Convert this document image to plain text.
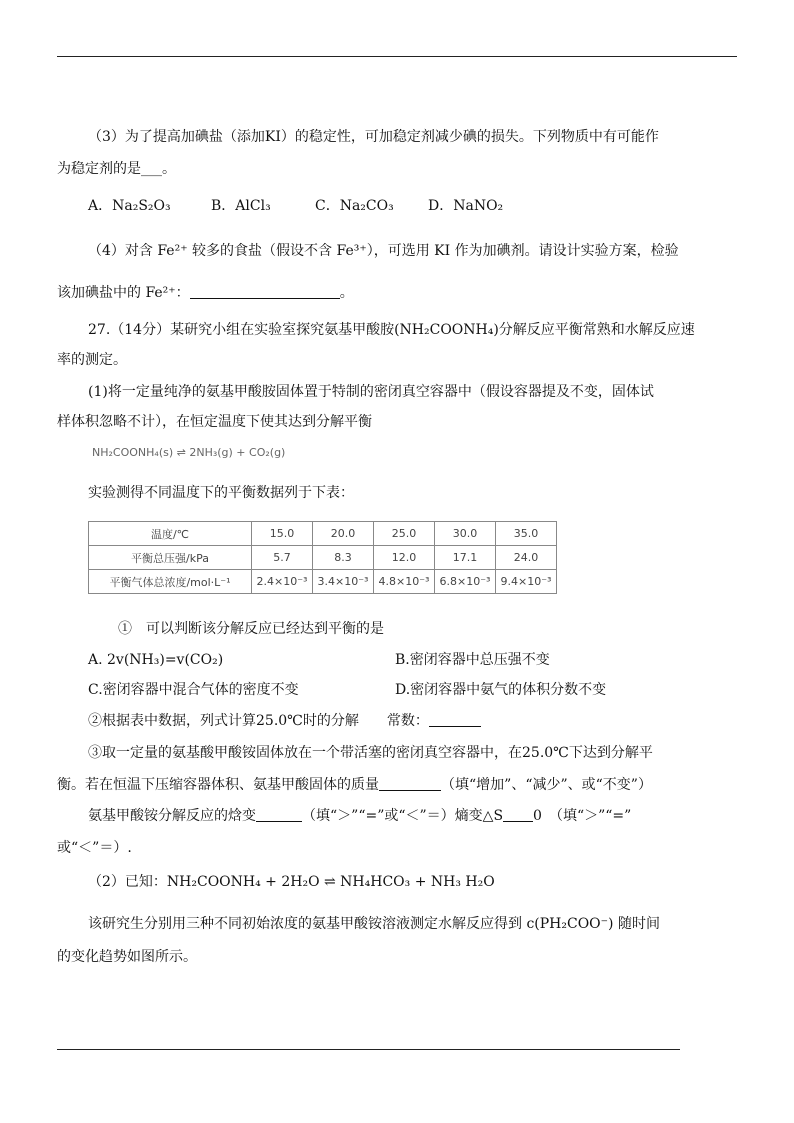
（3）为了提高加碘盐（添加KI）的稳定性，可加稳定剂减少碘的损失。下列物质中有可能作
为稳定剂的是___。
A．Na₂S₂O₃	B．AlCl₃	C．Na₂CO₃ D．NaNO₂
（4）对含 Fe²⁺ 较多的食盐（假设不含 Fe³⁺），可选用 KI 作为加碘剂。请设计实验方案，检验
该加碘盐中的 Fe²⁺：	。
27.（14分）某研究小组在实验室探究氨基甲酸胺(NH₂COONH₄)分解反应平衡常熟和水解反应速
率的测定。
(1)将一定量纯净的氨基甲酸胺固体置于特制的密闭真空容器中（假设容器提及不变，固体试
样体积忽略不计），在恒定温度下使其达到分解平衡
NH₂COONH₄(s) ⇌ 2NH₃(g) + CO₂(g)
实验测得不同温度下的平衡数据列于下表：
温度/℃	15.0	20.0	25.0	30.0	35.0
平衡总压强/kPa	5.7	8.3	12.0	17.1	24.0
平衡气体总浓度/mol·L⁻¹	2.4×10⁻³	3.4×10⁻³	4.8×10⁻³	6.8×10⁻³	9.4×10⁻³
①　可以判断该分解反应已经达到平衡的是
A. 2v(NH₃)=v(CO₂)	B.密闭容器中总压强不变
C.密闭容器中混合气体的密度不变	D.密闭容器中氨气的体积分数不变
②根据表中数据，列式计算25.0℃时的分解　　常数：
③取一定量的氨基酸甲酸铵固体放在一个带活塞的密闭真空容器中，在25.0℃下达到分解平
衡。若在恒温下压缩容器体积、氨基甲酸固体的质量	（填“增加”、“减少”、或“不变”）
氨基甲酸铵分解反应的焓变	（填“＞”“=”或“＜”＝）熵变△S 0　（填“＞”“=”
或“＜”＝）.
（2）已知：NH₂COONH₄ + 2H₂O ⇌ NH₄HCO₃ + NH₃ H₂O
该研究生分别用三种不同初始浓度的氨基甲酸铵溶液测定水解反应得到 c(PH₂COO⁻) 随时间
的变化趋势如图所示。
